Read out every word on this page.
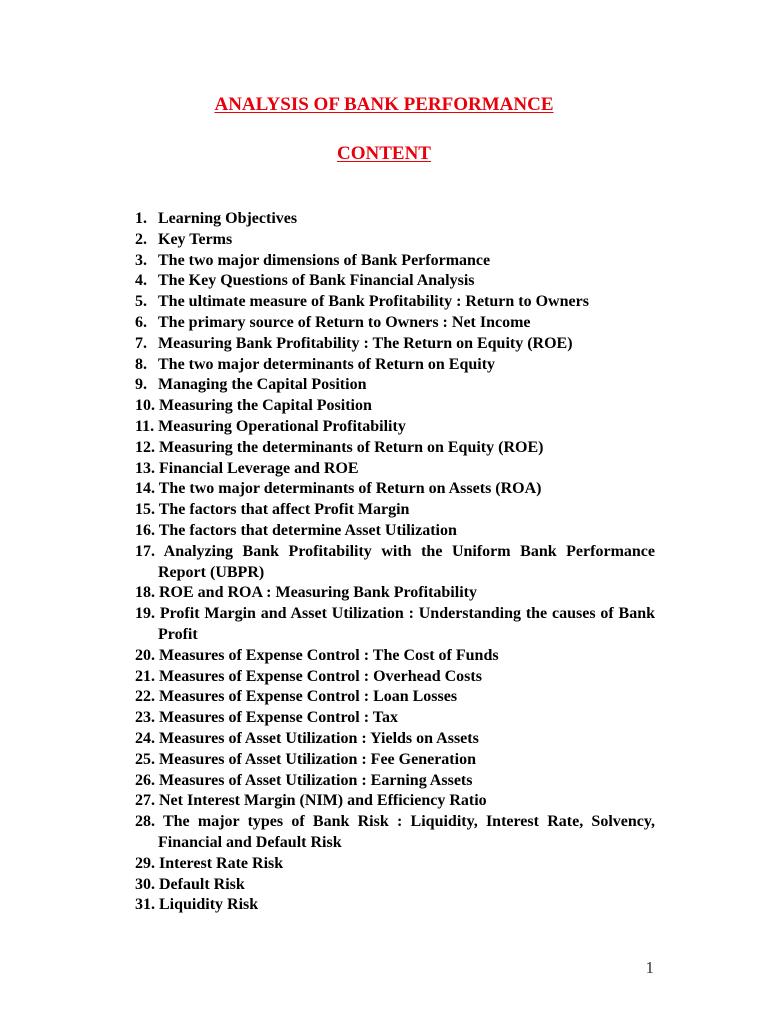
ANALYSIS OF BANK PERFORMANCE
CONTENT
1. Learning Objectives
2. Key Terms
3. The two major dimensions of Bank Performance
4. The Key Questions of Bank Financial Analysis
5. The ultimate measure of Bank Profitability : Return to Owners
6. The primary source of Return to Owners : Net Income
7. Measuring Bank Profitability : The Return on Equity (ROE)
8. The two major determinants of Return on Equity
9. Managing the Capital Position
10. Measuring the Capital Position
11. Measuring Operational Profitability
12. Measuring the determinants of Return on Equity (ROE)
13. Financial Leverage and ROE
14. The two major determinants of Return on Assets (ROA)
15. The factors that affect Profit Margin
16. The factors that determine Asset Utilization
17. Analyzing Bank Profitability with the Uniform Bank Performance Report (UBPR)
18. ROE and ROA : Measuring Bank Profitability
19. Profit Margin and Asset Utilization : Understanding the causes of Bank Profit
20. Measures of Expense Control : The Cost of Funds
21. Measures of Expense Control : Overhead Costs
22. Measures of Expense Control : Loan Losses
23. Measures of Expense Control : Tax
24. Measures of Asset Utilization : Yields on Assets
25. Measures of Asset Utilization : Fee Generation
26. Measures of Asset Utilization : Earning Assets
27. Net Interest Margin (NIM) and Efficiency Ratio
28. The major types of Bank Risk : Liquidity, Interest Rate, Solvency, Financial and Default Risk
29. Interest Rate Risk
30. Default Risk
31. Liquidity Risk
1
